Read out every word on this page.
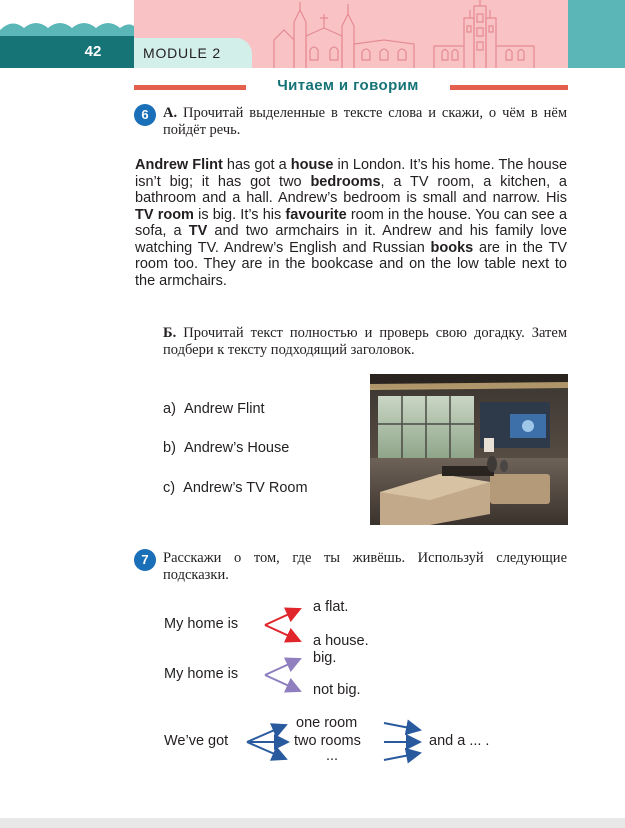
42	MODULE 2
Читаем и говорим
6 А. Прочитай выделенные в тексте слова и скажи, о чём в нём пойдёт речь.
Andrew Flint has got a house in London. It’s his home. The house isn’t big; it has got two bedrooms, a TV room, a kitchen, a bathroom and a hall. Andrew’s bedroom is small and narrow. His TV room is big. It’s his favourite room in the house. You can see a sofa, a TV and two armchairs in it. Andrew and his family love watching TV. Andrew’s English and Russian books are in the TV room too. They are in the bookcase and on the low table next to the armchairs.
Б. Прочитай текст полностью и проверь свою догадку. Затем подбери к тексту подходящий заголовок.
a) Andrew Flint
b) Andrew’s House
c) Andrew’s TV Room
7 Расскажи о том, где ты живёшь. Используй следующие подсказки.
My home is
a flat.
a house.
My home is
big.
not big.
We’ve got
one room
two rooms
...
and a ... .
